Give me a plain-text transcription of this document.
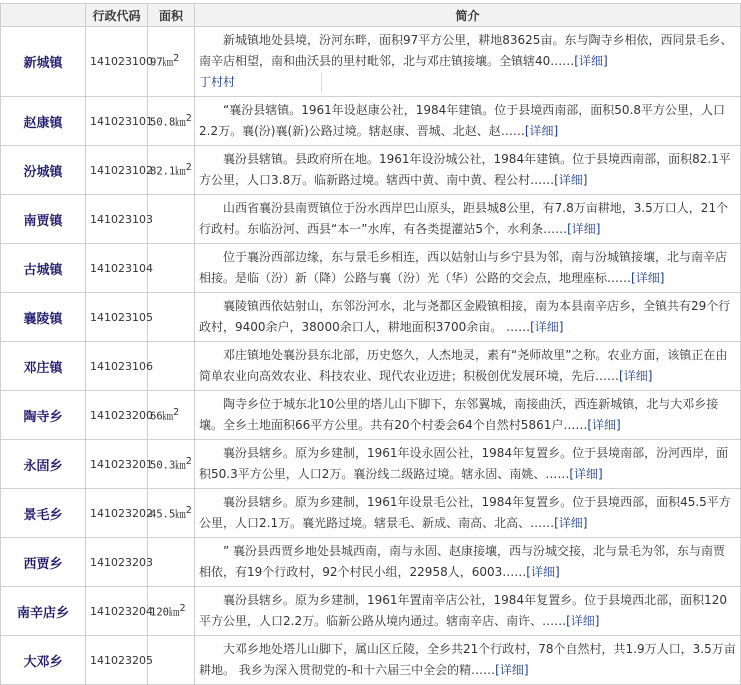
	行政代码	面积	简介
新城镇	141023100	97㎞$^2$	新城镇地处县境，汾河东畔，面积97平方公里，耕地83625亩。东与陶寺乡相依，西同景毛乡、南辛店相望，南和曲沃县的里村毗邻，北与邓庄镇接壤。全镇辖40……[详细]
丁村村
赵康镇	141023101	50.8㎞$^2$	“襄汾县辖镇。1961年设赵康公社，1984年建镇。位于县境西南部，面积50.8平方公里，人口2.2万。襄(汾)襄(新)公路过境。辖赵康、晋城、北赵、赵……[详细]

汾城镇	141023102	82.1㎞$^2$	襄汾县辖镇。县政府所在地。1961年设汾城公社，1984年建镇。位于县境西南部，面积82.1平方公里，人口3.8万。临新路过境。辖西中黄、南中黄、程公村……[详细]

南贾镇	141023103		山西省襄汾县南贾镇位于汾水西岸巴山原头，距县城8公里，有7.8万亩耕地，3.5万口人，21个行政村。东临汾河、西县“本一”水库，有各类提灌站5个，水利条……[详细]

古城镇	141023104		位于襄汾西部边缘，东与景毛乡相连，西以姑射山与乡宁县为邻，南与汾城镇接壤，北与南辛店相接。是临（汾）新（降）公路与襄（汾）光（华）公路的交会点，地理座标……[详细]

襄陵镇	141023105		襄陵镇西依姑射山，东邻汾河水，北与尧都区金殿镇相接，南为本县南辛店乡，全镇共有29个行政村，9400余户，38000余口人，耕地面积3700余亩。 ……[详细]

邓庄镇	141023106		邓庄镇地处襄汾县东北部，历史悠久，人杰地灵，素有“尧师故里”之称。农业方面，该镇正在由简单农业向高效农业、科技农业、现代农业迈进；积极创优发展环境，先后……[详细]

陶寺乡	141023200	66㎞$^2$	陶寺乡位于城东北10公里的塔儿山下脚下，东邻翼城，南接曲沃，西连新城镇，北与大邓乡接壤。全乡土地面积66平方公里。共有20个村委会64个自然村5861户……[详细]

永固乡	141023201	50.3㎞$^2$	襄汾县辖乡。原为乡建制，1961年设永固公社，1984年复置乡。位于县境南部，汾河西岸，面积50.3平方公里，人口2万。襄汾线二级路过境。辖永固、南姚、……[详细]

景毛乡	141023202	45.5㎞$^2$	襄汾县辖乡。原为乡建制，1961年设景毛公社，1984年复置乡。位于县境西部，面积45.5平方公里，人口2.1万。襄光路过境。辖景毛、新成、南高、北高、……[详细]

西贾乡	141023203		” 襄汾县西贾乡地处县城西南，南与永固、赵康接壤，西与汾城交接，北与景毛为邻，东与南贾相依，有19个行政村，92个村民小组，22958人，6003……[详细]

南辛店乡	141023204	120㎞$^2$	襄汾县辖乡。原为乡建制，1961年置南辛店公社，1984年复置乡。位于县境西北部，面积120平方公里，人口2.2万。临新公路从境内通过。辖南辛店、南许、……[详细]

大邓乡	141023205		大邓乡地处塔儿山脚下，属山区丘陵，全乡共21个行政村，78个自然村，共1.9万人口，3.5万亩耕地。 我乡为深入贯彻党的-和十六届三中全会的精……[详细]
